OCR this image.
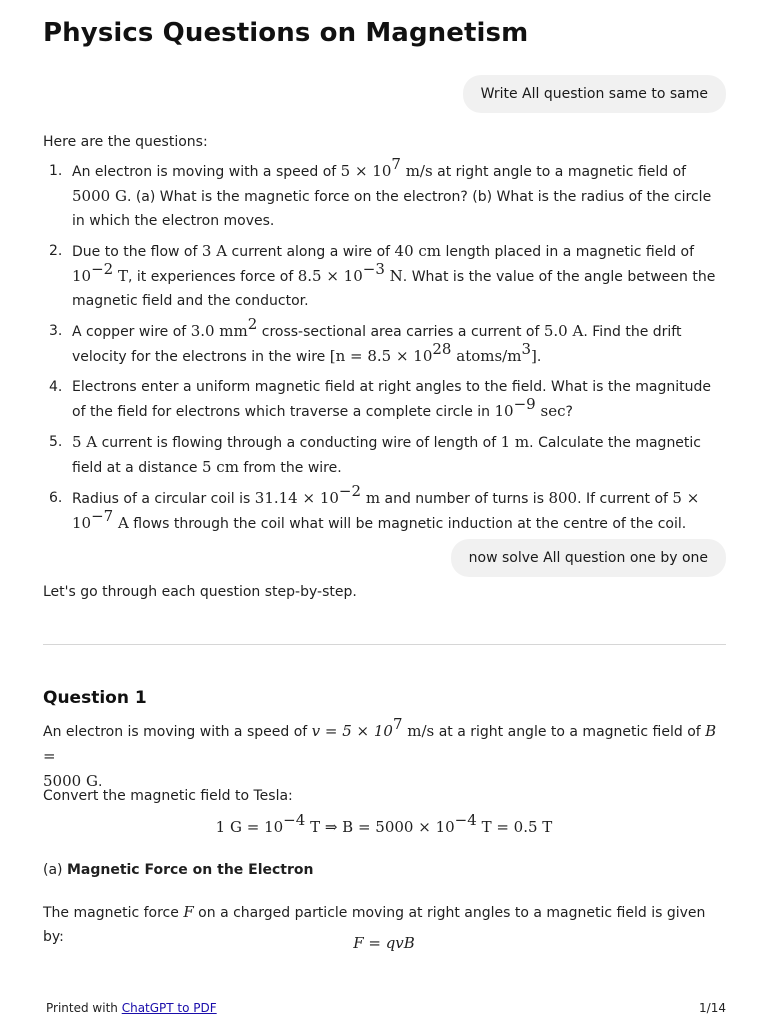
Physics Questions on Magnetism
Write All question same to same
Here are the questions:
1. An electron is moving with a speed of $5 \times 10^7$ m/s at right angle to a magnetic field of 5000 G. (a) What is the magnetic force on the electron? (b) What is the radius of the circle in which the electron moves.
2. Due to the flow of 3 A current along a wire of 40 cm length placed in a magnetic field of $10^{-2}$ T, it experiences force of $8.5 \times 10^{-3}$ N. What is the value of the angle between the magnetic field and the conductor.
3. A copper wire of 3.0 $mm^2$ cross-sectional area carries a current of 5.0 A. Find the drift velocity for the electrons in the wire [$n = 8.5 \times 10^{28}$ atoms/$m^3$].
4. Electrons enter a uniform magnetic field at right angles to the field. What is the magnitude of the field for electrons which traverse a complete circle in $10^{-9}$ sec?
5. 5 A current is flowing through a conducting wire of length of 1 m. Calculate the magnetic field at a distance 5 cm from the wire.
6. Radius of a circular coil is $31.14 \times 10^{-2}$ m and number of turns is 800. If current of $5 \times 10^{-7}$ A flows through the coil what will be magnetic induction at the centre of the coil.
now solve All question one by one
Let's go through each question step-by-step.
Question 1
An electron is moving with a speed of $v = 5 \times 10^7$ m/s at a right angle to a magnetic field of B =
5000 G.
Convert the magnetic field to Tesla:
1 $G = 10^{-4}$ T ⇒ $B = 5000 \times 10^{-4}$ T = 0.5 T
(a) Magnetic Force on the Electron
The magnetic force F on a charged particle moving at right angles to a magnetic field is given by:	F = qvB
Printed with ChatGPT to PDF	1/14
